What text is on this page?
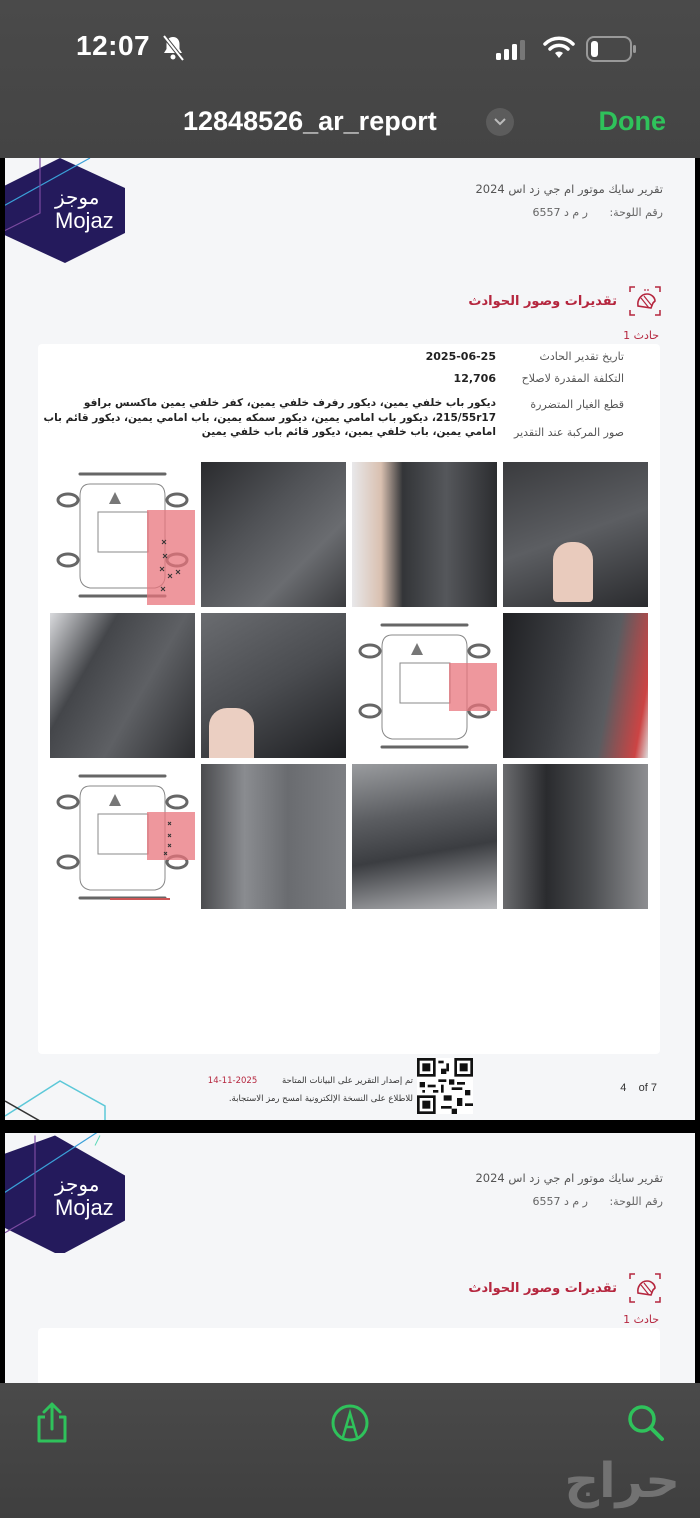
12:07
12848526_ar_report	Done
موجز
Mojaz
تقرير سايك موتور ام جي زد اس 2024
رقم اللوحة: ر م د 6557
تقديرات وصور الحوادث
حادث 1
تاريخ تقدير الحادث
2025-06-25
التكلفة المقدرة لاصلاح
12,706
قطع الغيار المتضررة
ديكور باب خلفي يمين، ديكور رفرف خلفي يمين، كفر خلفي يمين ماكسس برافو 215/55r17، ديكور باب امامي يمين، ديكور سمكه يمين، باب امامي يمين، ديكور قائم باب امامي يمين، باب خلفي يمين، ديكور قائم باب خلفي يمين	صور المركبة عند التقدير
تم إصدار التقرير على البيانات المتاحة 2025-11-14
للاطلاع على النسخة الإلكترونية امسح رمز الاستجابة.
4 of 7
موجز
Mojaz
تقرير سايك موتور ام جي زد اس 2024
رقم اللوحة: ر م د 6557
تقديرات وصور الحوادث
حادث 1
حراج
